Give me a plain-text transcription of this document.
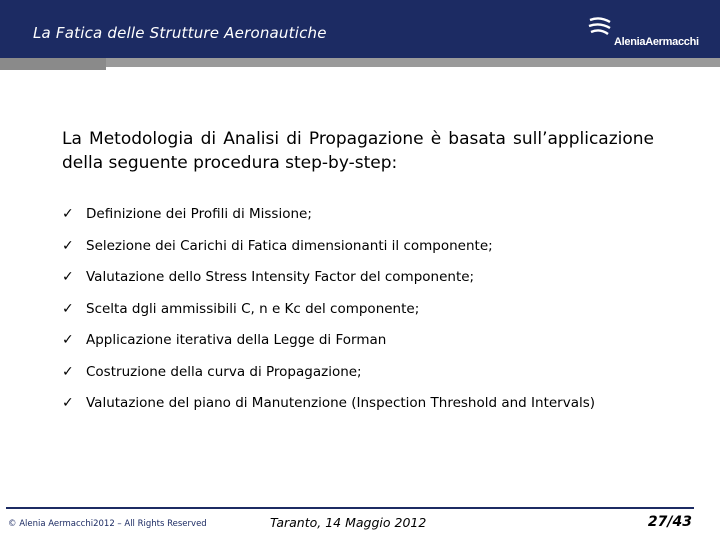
La Fatica delle Strutture Aeronautiche	AleniaAermacchi
La Metodologia di Analisi di Propagazione è basata sull’applicazione della seguente procedura step-by-step:
✓ Definizione dei Profili di Missione;
✓ Selezione dei Carichi di Fatica dimensionanti il componente;
✓ Valutazione dello Stress Intensity Factor del componente;
✓ Scelta dgli ammissibili C, n e Kc del componente;
✓ Applicazione iterativa della Legge di Forman
✓ Costruzione della curva di Propagazione;
✓ Valutazione del piano di Manutenzione (Inspection Threshold and Intervals)
© Alenia Aermacchi2012 – All Rights Reserved	Taranto, 14 Maggio 2012	27/43
